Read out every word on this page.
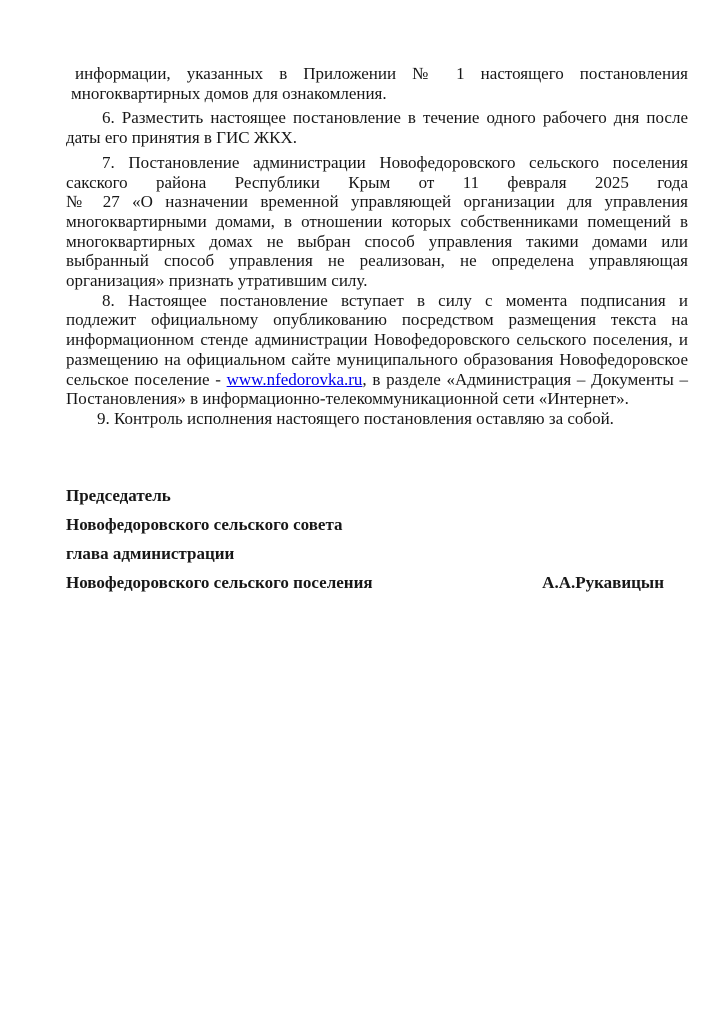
информации, указанных в Приложении № 1 настоящего постановления
многоквартирных домов для ознакомления.
6. Разместить настоящее постановление в течение одного рабочего дня после
даты его принятия в ГИС ЖКХ.
7. Постановление администрации Новофедоровского сельского поселения
сакского района Республики Крым от 11 февраля 2025 года
№ 27 «О назначении временной управляющей организации для управления
многоквартирными домами, в отношении которых собственниками помещений в
многоквартирных домах не выбран способ управления такими домами или
выбранный способ управления не реализован, не определена управляющая
организация» признать утратившим силу.
8. Настоящее постановление вступает в силу с момента подписания и
подлежит официальному опубликованию посредством размещения текста на
информационном стенде администрации Новофедоровского сельского поселения, и
размещению на официальном сайте муниципального образования Новофедоровское
сельское поселение - www.nfedorovka.ru, в разделе «Администрация – Документы –
Постановления» в информационно-телекоммуникационной сети «Интернет».
9. Контроль исполнения настоящего постановления оставляю за собой.
Председатель
Новофедоровского сельского совета
глава администрации
Новофедоровского сельского поселения	А.А.Рукавицын
